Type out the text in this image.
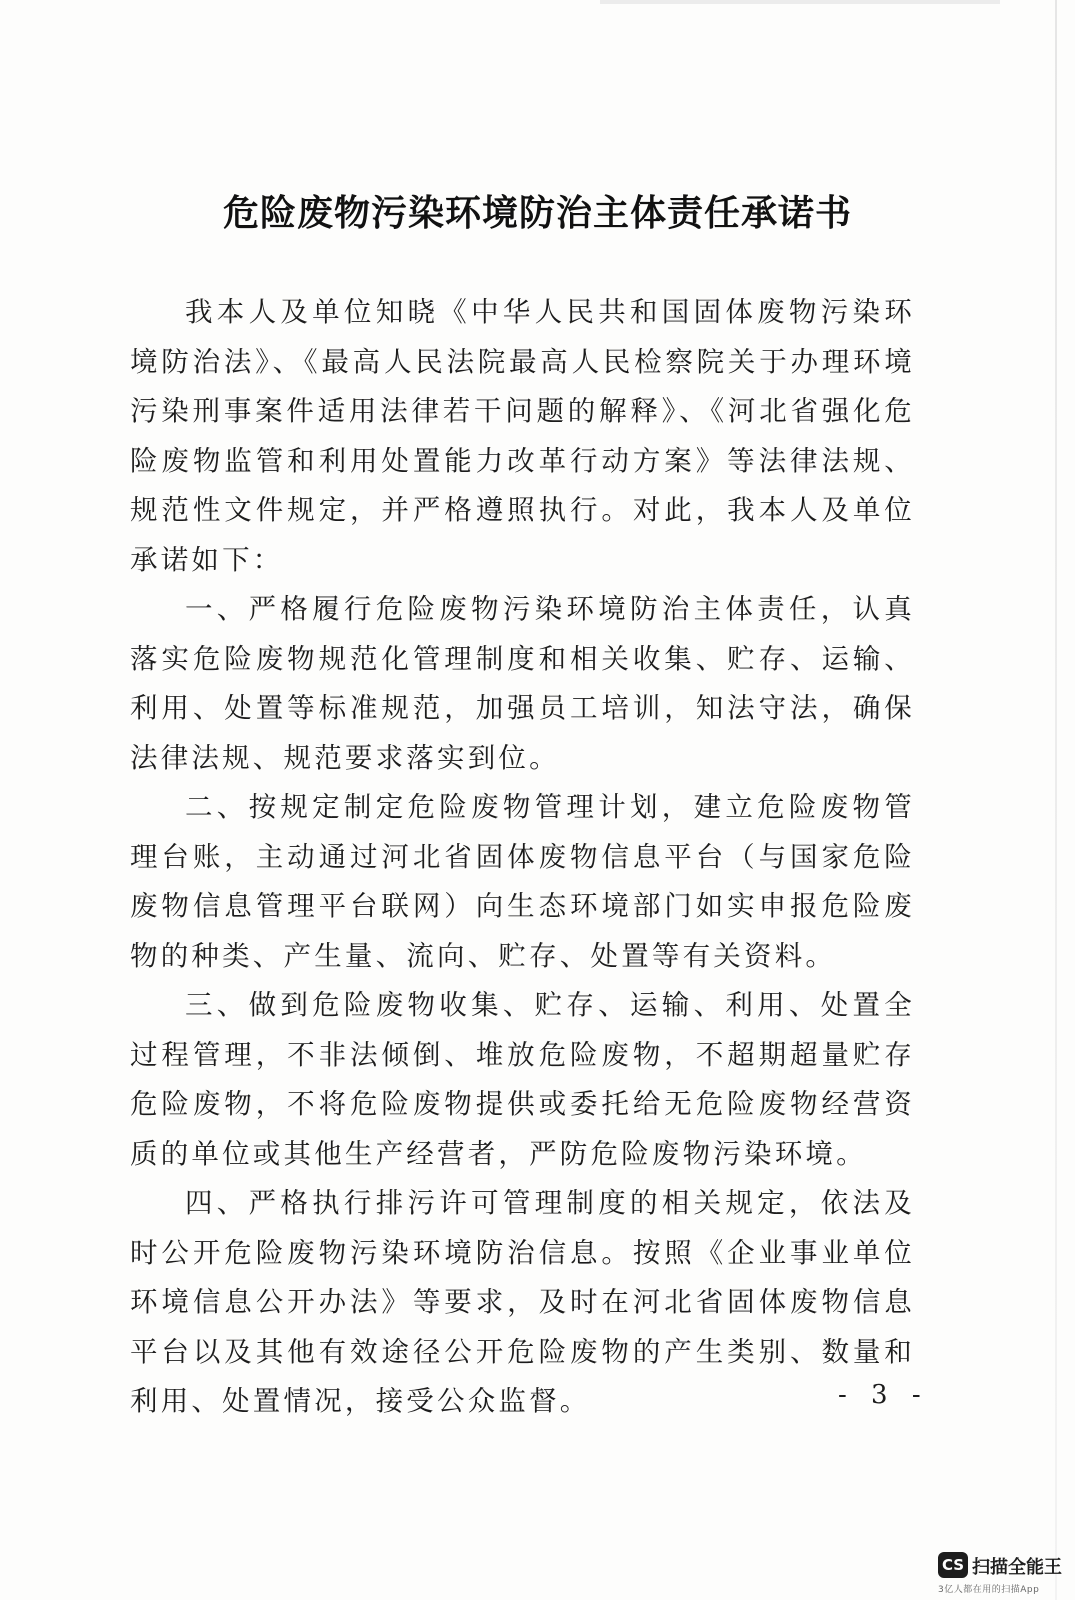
危险废物污染环境防治主体责任承诺书

我本人及单位知晓《中华人民共和国固体废物污染环境防治法》、《最高人民法院最高人民检察院关于办理环境污染刑事案件适用法律若干问题的解释》、《河北省强化危险废物监管和利用处置能力改革行动方案》等法律法规、规范性文件规定，并严格遵照执行。对此，我本人及单位承诺如下：

一、严格履行危险废物污染环境防治主体责任，认真落实危险废物规范化管理制度和相关收集、贮存、运输、利用、处置等标准规范，加强员工培训，知法守法，确保法律法规、规范要求落实到位。

二、按规定制定危险废物管理计划，建立危险废物管理台账，主动通过河北省固体废物信息平台（与国家危险废物信息管理平台联网）向生态环境部门如实申报危险废物的种类、产生量、流向、贮存、处置等有关资料。

三、做到危险废物收集、贮存、运输、利用、处置全过程管理，不非法倾倒、堆放危险废物，不超期超量贮存危险废物，不将危险废物提供或委托给无危险废物经营资质的单位或其他生产经营者，严防危险废物污染环境。

四、严格执行排污许可管理制度的相关规定，依法及时公开危险废物污染环境防治信息。按照《企业事业单位环境信息公开办法》等要求，及时在河北省固体废物信息平台以及其他有效途径公开危险废物的产生类别、数量和利用、处置情况，接受公众监督。	- 3 -
CS 扫描全能王
3亿人都在用的扫描App
